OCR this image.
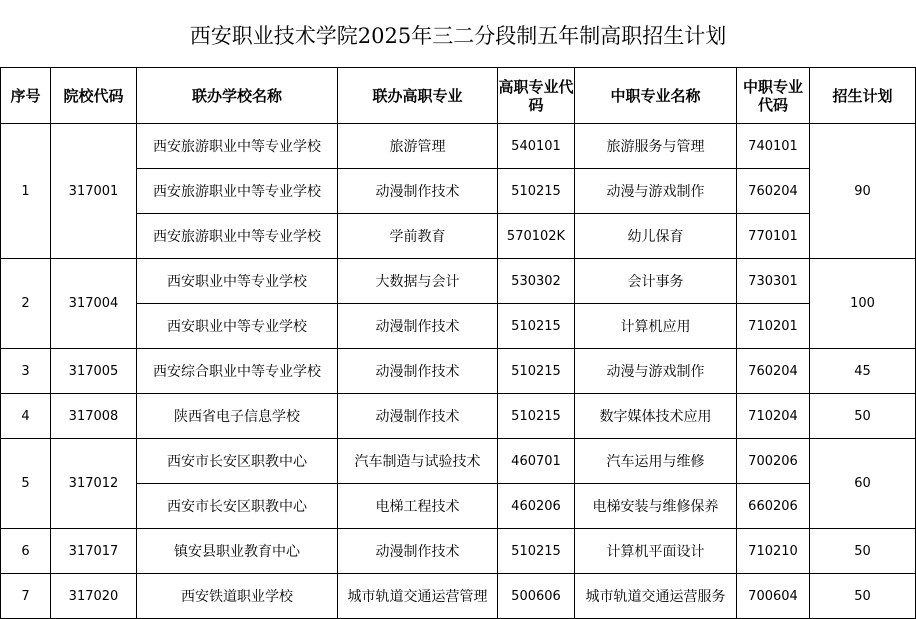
西安职业技术学院2025年三二分段制五年制高职招生计划
序号	院校代码	联办学校名称	联办高职专业	高职专业代码	中职专业名称	中职专业代码	招生计划
1	317001	西安旅游职业中等专业学校	旅游管理	540101	旅游服务与管理	740101	90
		西安旅游职业中等专业学校	动漫制作技术	510215	动漫与游戏制作	760204	
		西安旅游职业中等专业学校	学前教育	570102K	幼儿保育	770101	
2	317004	西安职业中等专业学校	大数据与会计	530302	会计事务	730301	100
		西安职业中等专业学校	动漫制作技术	510215	计算机应用	710201	
3	317005	西安综合职业中等专业学校	动漫制作技术	510215	动漫与游戏制作	760204	45
4	317008	陕西省电子信息学校	动漫制作技术	510215	数字媒体技术应用	710204	50
5	317012	西安市长安区职教中心	汽车制造与试验技术	460701	汽车运用与维修	700206	60
		西安市长安区职教中心	电梯工程技术	460206	电梯安装与维修保养	660206	
6	317017	镇安县职业教育中心	动漫制作技术	510215	计算机平面设计	710210	50
7	317020	西安铁道职业学校	城市轨道交通运营管理	500606	城市轨道交通运营服务	700604	50
